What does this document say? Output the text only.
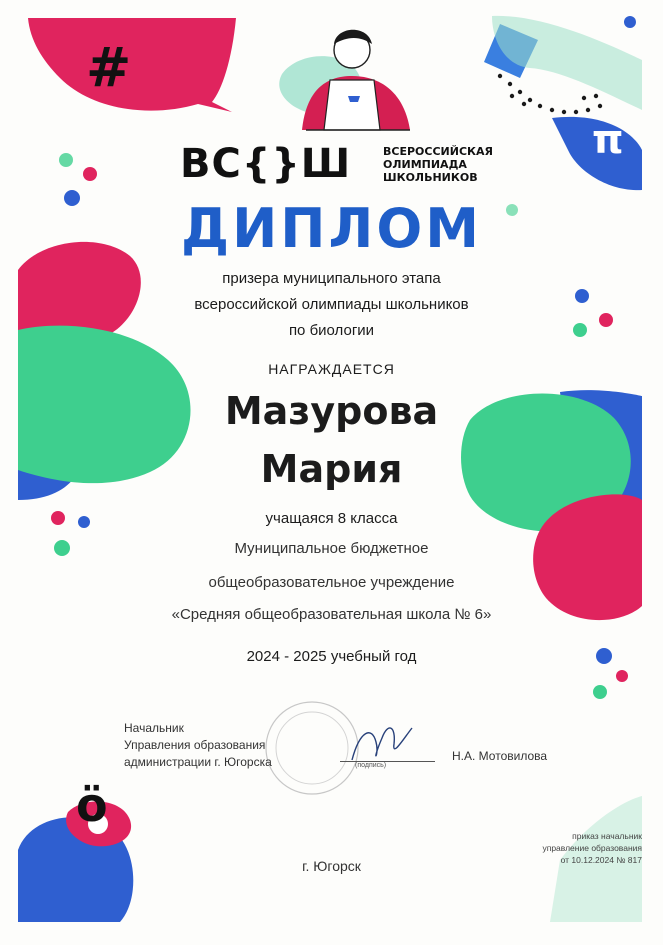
#
π
ö
ВС{}Ш	ВСЕРОССИЙСКАЯ
ОЛИМПИАДА
ШКОЛЬНИКОВ
ДИПЛОМ
призера муниципального этапа
всероссийской олимпиады школьников
по биологии
НАГРАЖДАЕТСЯ
Мазурова
Мария
учащаяся 8 класса
Муниципальное бюджетное
общеобразовательное учреждение
«Средняя общеобразовательная школа № 6»
2024 - 2025 учебный год
Начальник
Управления образования
администрации г. Югорска	(подпись)
Н.А. Мотовилова
г. Югорск
приказ начальник
управление образования
от 10.12.2024 № 817
